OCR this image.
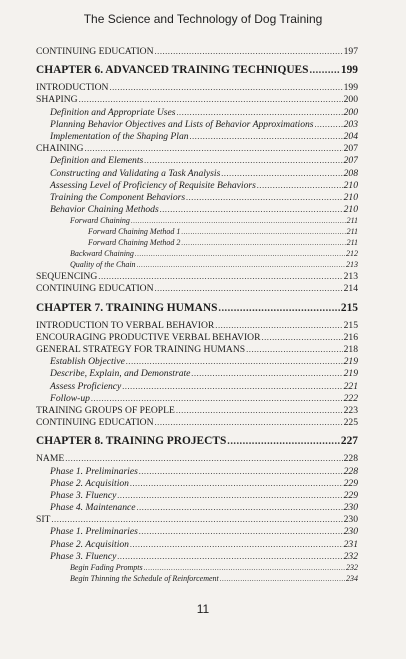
The Science and Technology of Dog Training
CONTINUING EDUCATION .....	197
CHAPTER 6. ADVANCED TRAINING TECHNIQUES .....	199
INTRODUCTION .....	199
SHAPING .....	200
Definition and Appropriate Uses .....	200
Planning Behavior Objectives and Lists of Behavior Approximations .....	203
Implementation of the Shaping Plan .....	204
CHAINING .....	207
Definition and Elements .....	207
Constructing and Validating a Task Analysis .....	208
Assessing Level of Proficiency of Requisite Behaviors .....	210
Training the Component Behaviors .....	210
Behavior Chaining Methods .....	210
Forward Chaining .....	211
Forward Chaining Method 1 .....	211
Forward Chaining Method 2 .....	211
Backward Chaining .....	212
Quality of the Chain .....	213
SEQUENCING .....	213
CONTINUING EDUCATION .....	214
CHAPTER 7. TRAINING HUMANS .....	215
INTRODUCTION TO VERBAL BEHAVIOR .....	215
ENCOURAGING PRODUCTIVE VERBAL BEHAVIOR .....	216
GENERAL STRATEGY FOR TRAINING HUMANS .....	218
Establish Objective .....	219
Describe, Explain, and Demonstrate .....	219
Assess Proficiency .....	221
Follow-up .....	222
TRAINING GROUPS OF PEOPLE .....	223
CONTINUING EDUCATION .....	225
CHAPTER 8. TRAINING PROJECTS .....	227
NAME .....	228
Phase 1. Preliminaries .....	228
Phase 2. Acquisition .....	229
Phase 3. Fluency .....	229
Phase 4. Maintenance .....	230
SIT .....	230
Phase 1. Preliminaries .....	230
Phase 2. Acquisition .....	231
Phase 3. Fluency .....	232
Begin Fading Prompts .....	232
Begin Thinning the Schedule of Reinforcement .....	234
11
